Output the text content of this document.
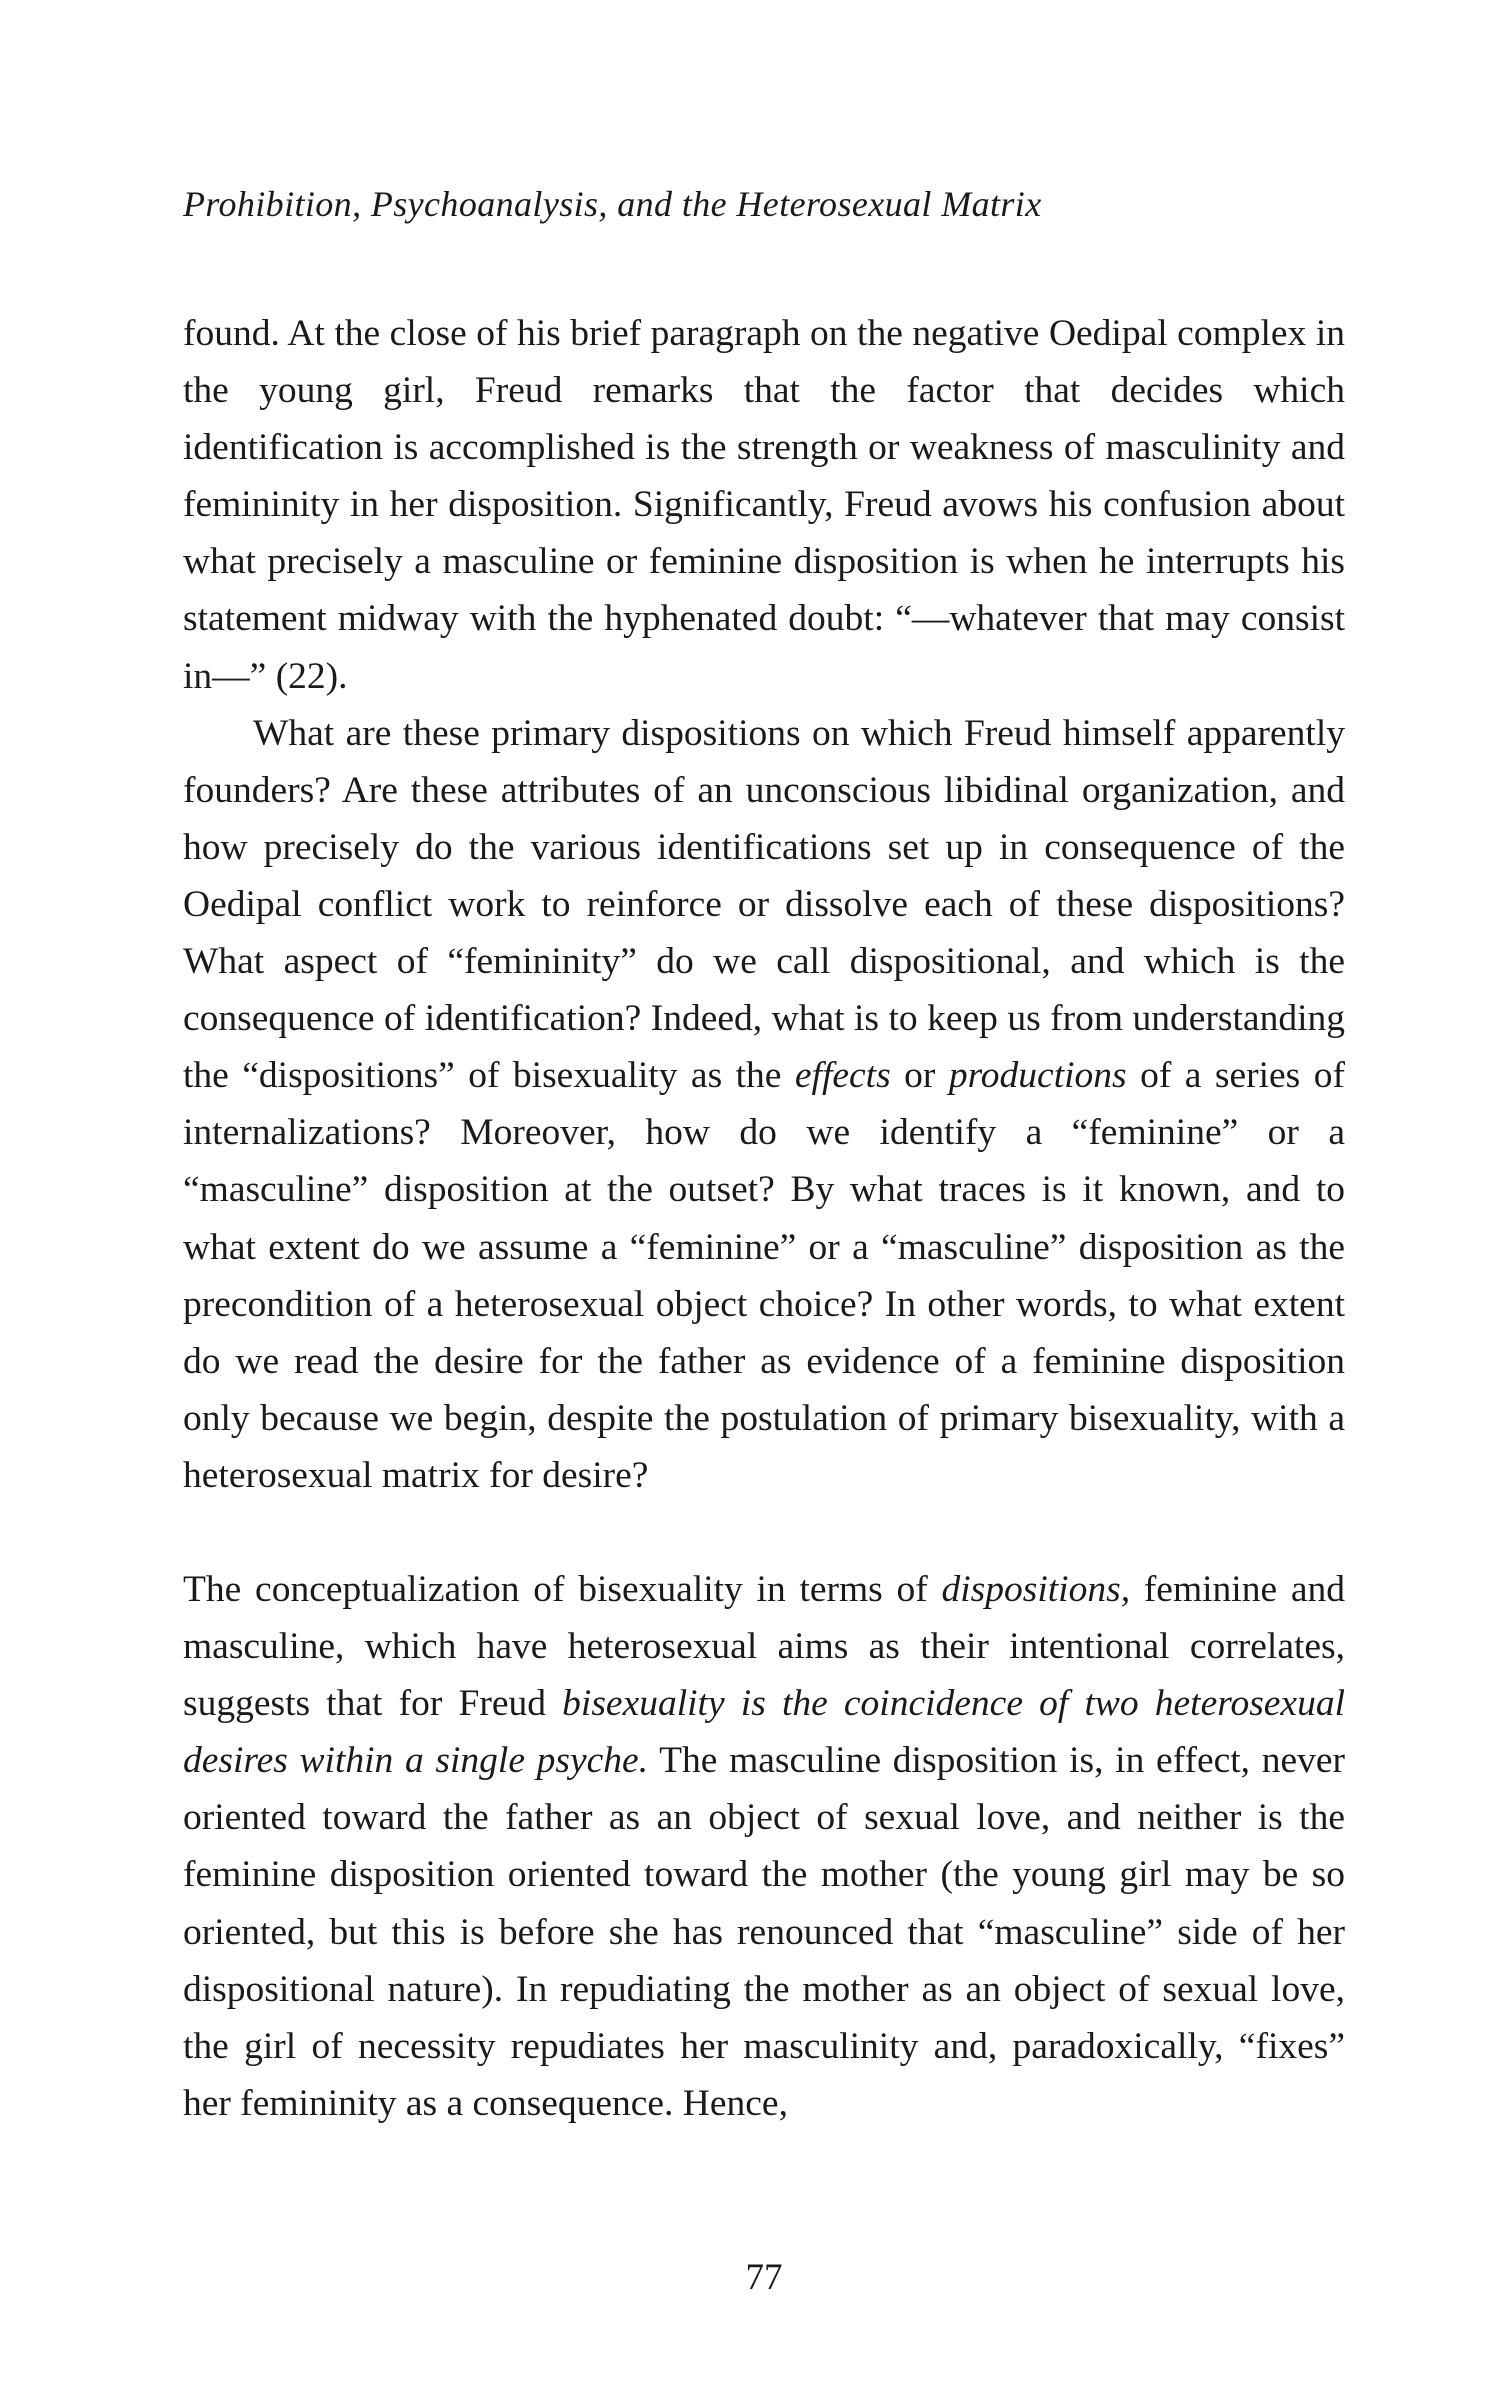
Prohibition, Psychoanalysis, and the Heterosexual Matrix

found. At the close of his brief paragraph on the negative Oedipal complex in the young girl, Freud remarks that the factor that decides which identification is accomplished is the strength or weakness of masculinity and femininity in her disposition. Significantly, Freud avows his confusion about what precisely a masculine or feminine disposition is when he interrupts his statement midway with the hyphenated doubt: “—whatever that may consist in—” (22).

What are these primary dispositions on which Freud himself apparently founders? Are these attributes of an unconscious libidinal organization, and how precisely do the various identifications set up in consequence of the Oedipal conflict work to reinforce or dissolve each of these dispositions? What aspect of “femininity” do we call dispositional, and which is the consequence of identification? Indeed, what is to keep us from understanding the “dispositions” of bisexuality as the effects or productions of a series of internalizations? Moreover, how do we identify a “feminine” or a “masculine” disposition at the outset? By what traces is it known, and to what extent do we assume a “feminine” or a “masculine” disposition as the precondition of a heterosexual object choice? In other words, to what extent do we read the desire for the father as evidence of a feminine disposition only because we begin, despite the postulation of primary bisexuality, with a heterosexual matrix for desire?

The conceptualization of bisexuality in terms of dispositions, feminine and masculine, which have heterosexual aims as their intentional correlates, suggests that for Freud bisexuality is the coincidence of two heterosexual desires within a single psyche. The masculine disposition is, in effect, never oriented toward the father as an object of sexual love, and neither is the feminine disposition oriented toward the mother (the young girl may be so oriented, but this is before she has renounced that “masculine” side of her dispositional nature). In repudiating the mother as an object of sexual love, the girl of necessity repudiates her masculinity and, paradoxically, “fixes” her femininity as a consequence. Hence,

77
